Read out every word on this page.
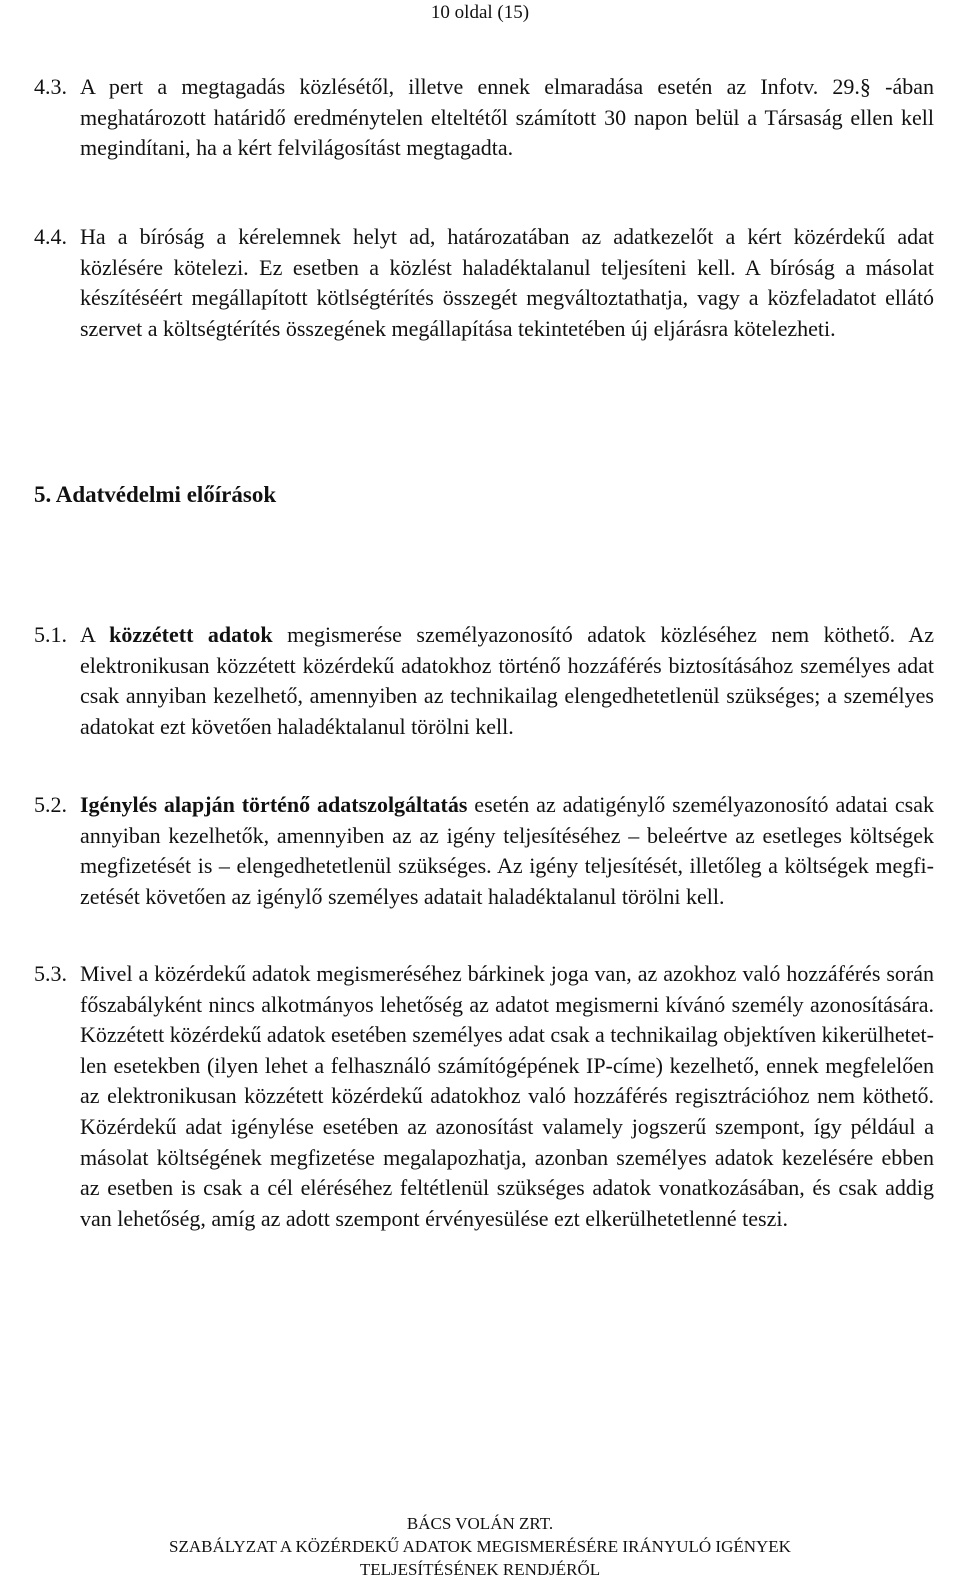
10 oldal (15)
4.3. A pert a megtagadás közlésétől, illetve ennek elmaradása esetén az Infotv. 29.§ -ában meghatározott határidő eredménytelen elteltétől számított 30 napon belül a Társaság ellen kell megindítani, ha a kért felvilágosítást megtagadta.
4.4. Ha a bíróság a kérelemnek helyt ad, határozatában az adatkezelőt a kért közérdekű adat közlésére kötelezi. Ez esetben a közlést haladéktalanul teljesíteni kell. A bíróság a másolat készítéséért megállapított kötlségtérítés összegét megváltoztathatja, vagy a közfeladatot ellátó szervet a költségtérítés összegének megállapítása tekintetében új eljárásra kötelezheti.
5. Adatvédelmi előírások
5.1. A közzétett adatok megismerése személyazonosító adatok közléséhez nem köthető. Az elektronikusan közzétett közérdekű adatokhoz történő hozzáférés biztosításához személyes adat csak annyiban kezelhető, amennyiben az technikailag elengedhetetlenül szükséges; a személyes adatokat ezt követően haladéktalanul törölni kell.
5.2. Igénylés alapján történő adatszolgáltatás esetén az adatigénylő személyazonosító adatai csak annyiban kezelhetők, amennyiben az az igény teljesítéséhez – beleértve az esetleges költségek megfizetését is – elengedhetetlenül szükséges. Az igény teljesítését, illetőleg a költségek megfizetését követően az igénylő személyes adatait haladéktalanul törölni kell.
5.3. Mivel a közérdekű adatok megismeréséhez bárkinek joga van, az azokhoz való hozzáférés során főszabályként nincs alkotmányos lehetőség az adatot megismerni kívánó személy azonosítására. Közzétett közérdekű adatok esetében személyes adat csak a technikailag objektíven kikerülhetetlen esetekben (ilyen lehet a felhasználó számítógépének IP-címe) kezelhető, ennek megfelelően az elektronikusan közzétett közérdekű adatokhoz való hozzáférés regisztrációhoz nem köthető. Közérdekű adat igénylése esetében az azonosítást valamely jogszerű szempont, így például a másolat költségének megfizetése megalapozhatja, azonban személyes adatok kezelésére ebben az esetben is csak a cél eléréséhez feltétlenül szükséges adatok vonatkozásában, és csak addig van lehetőség, amíg az adott szempont érvényesülése ezt elkerülhetetlenné teszi.
BÁCS VOLÁN ZRT.
SZABÁLYZAT A KÖZÉRDEKŰ ADATOK MEGISMERÉSÉRE IRÁNYULÓ IGÉNYEK
TELJESÍTÉSÉNEK RENDJÉRŐL
